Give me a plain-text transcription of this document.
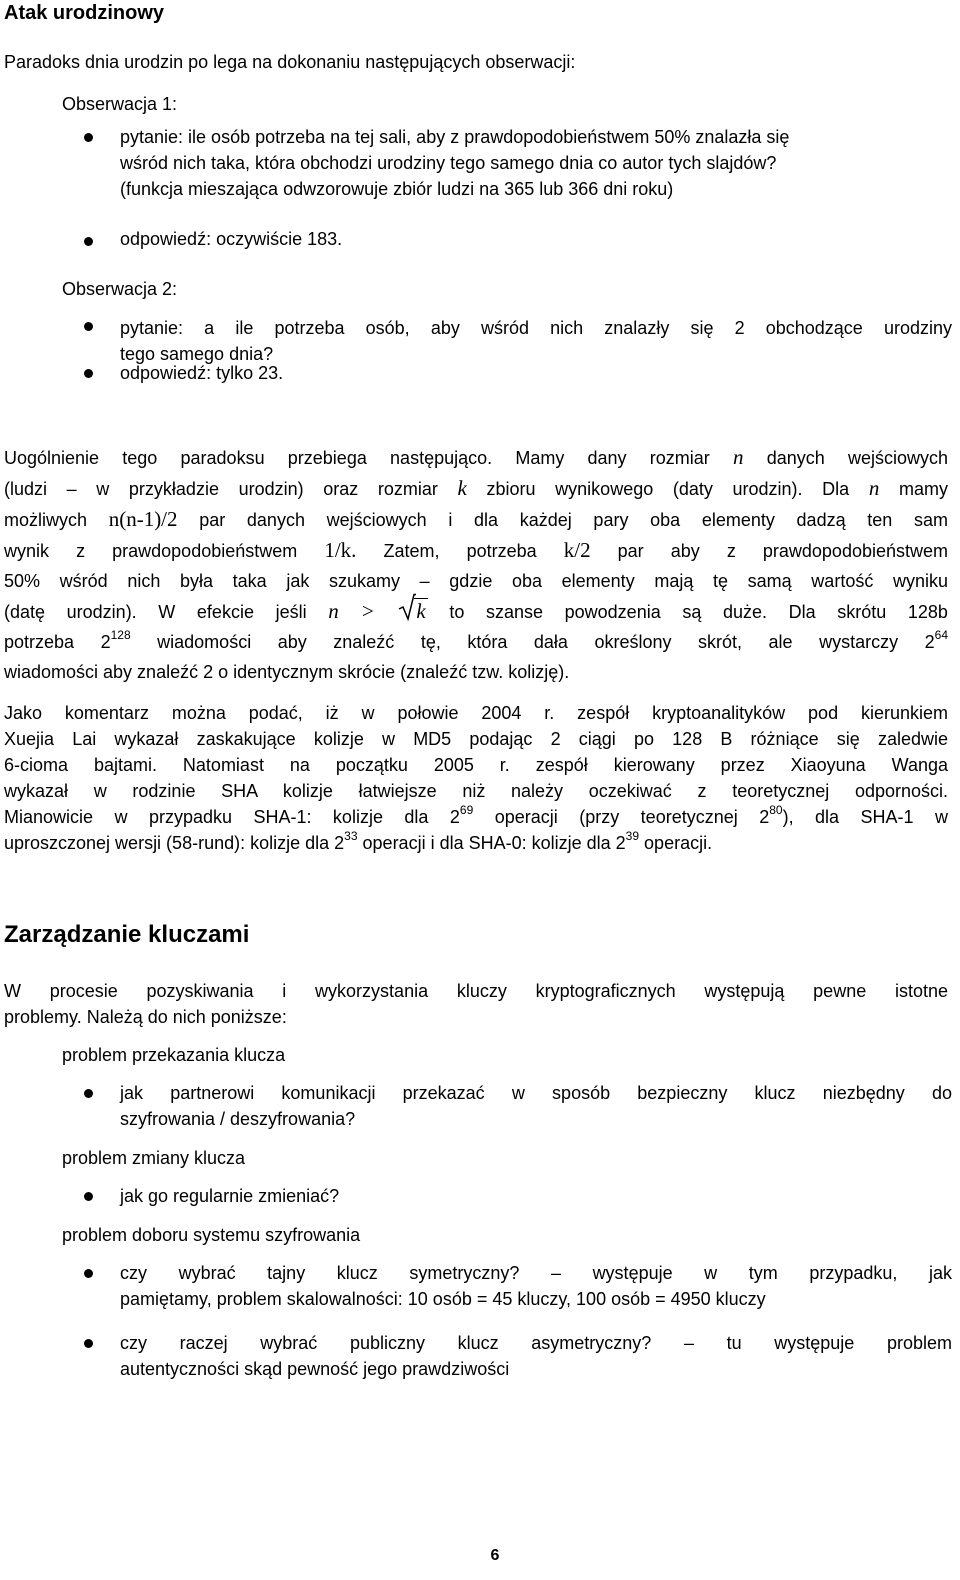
Atak urodzinowy
Paradoks dnia urodzin po lega na dokonaniu następujących obserwacji:
Obserwacja 1:
pytanie: ile osób potrzeba na tej sali, aby z prawdopodobieństwem 50% znalazła się
wśród nich taka, która obchodzi urodziny tego samego dnia co autor tych slajdów?
(funkcja mieszająca odwzorowuje zbiór ludzi na 365 lub 366 dni roku)
odpowiedź: oczywiście 183.
Obserwacja 2:
pytanie: a ile potrzeba osób, aby wśród nich znalazły się 2 obchodzące urodziny
tego samego dnia?
odpowiedź: tylko 23.
Uogólnienie tego paradoksu przebiega następująco. Mamy dany rozmiar n danych wejściowych
(ludzi – w przykładzie urodzin) oraz rozmiar k zbioru wynikowego (daty urodzin). Dla n mamy
możliwych n(n-1)/2 par danych wejściowych i dla każdej pary oba elementy dadzą ten sam
wynik z prawdopodobieństwem 1/k. Zatem, potrzeba k/2 par aby z prawdopodobieństwem
50% wśród nich była taka jak szukamy – gdzie oba elementy mają tę samą wartość wyniku
(datę urodzin). W efekcie jeśli n > k to szanse powodzenia są duże. Dla skrótu 128b
potrzeba $2^{128}$ wiadomości aby znaleźć tę, która dała określony skrót, ale wystarczy $2^{64}$
wiadomości aby znaleźć 2 o identycznym skrócie (znaleźć tzw. kolizję).
Jako komentarz można podać, iż w połowie 2004 r. zespół kryptoanalityków pod kierunkiem
Xuejia Lai wykazał zaskakujące kolizje w MD5 podając 2 ciągi po 128 B różniące się zaledwie
6-cioma bajtami. Natomiast na początku 2005 r. zespół kierowany przez Xiaoyuna Wanga
wykazał w rodzinie SHA kolizje łatwiejsze niż należy oczekiwać z teoretycznej odporności.
Mianowicie w przypadku SHA-1: kolizje dla $2^{69}$ operacji (przy teoretycznej $2^{80}$), dla SHA-1 w
uproszczonej wersji (58-rund): kolizje dla $2^{33}$ operacji i dla SHA-0: kolizje dla $2^{39}$ operacji.
Zarządzanie kluczami
W procesie pozyskiwania i wykorzystania kluczy kryptograficznych występują pewne istotne
problemy. Należą do nich poniższe:
problem przekazania klucza
jak partnerowi komunikacji przekazać w sposób bezpieczny klucz niezbędny do
szyfrowania / deszyfrowania?
problem zmiany klucza
jak go regularnie zmieniać?
problem doboru systemu szyfrowania
czy wybrać tajny klucz symetryczny? – występuje w tym przypadku, jak
pamiętamy, problem skalowalności: 10 osób = 45 kluczy, 100 osób = 4950 kluczy
czy raczej wybrać publiczny klucz asymetryczny? – tu występuje problem
autentyczności skąd pewność jego prawdziwości
6
